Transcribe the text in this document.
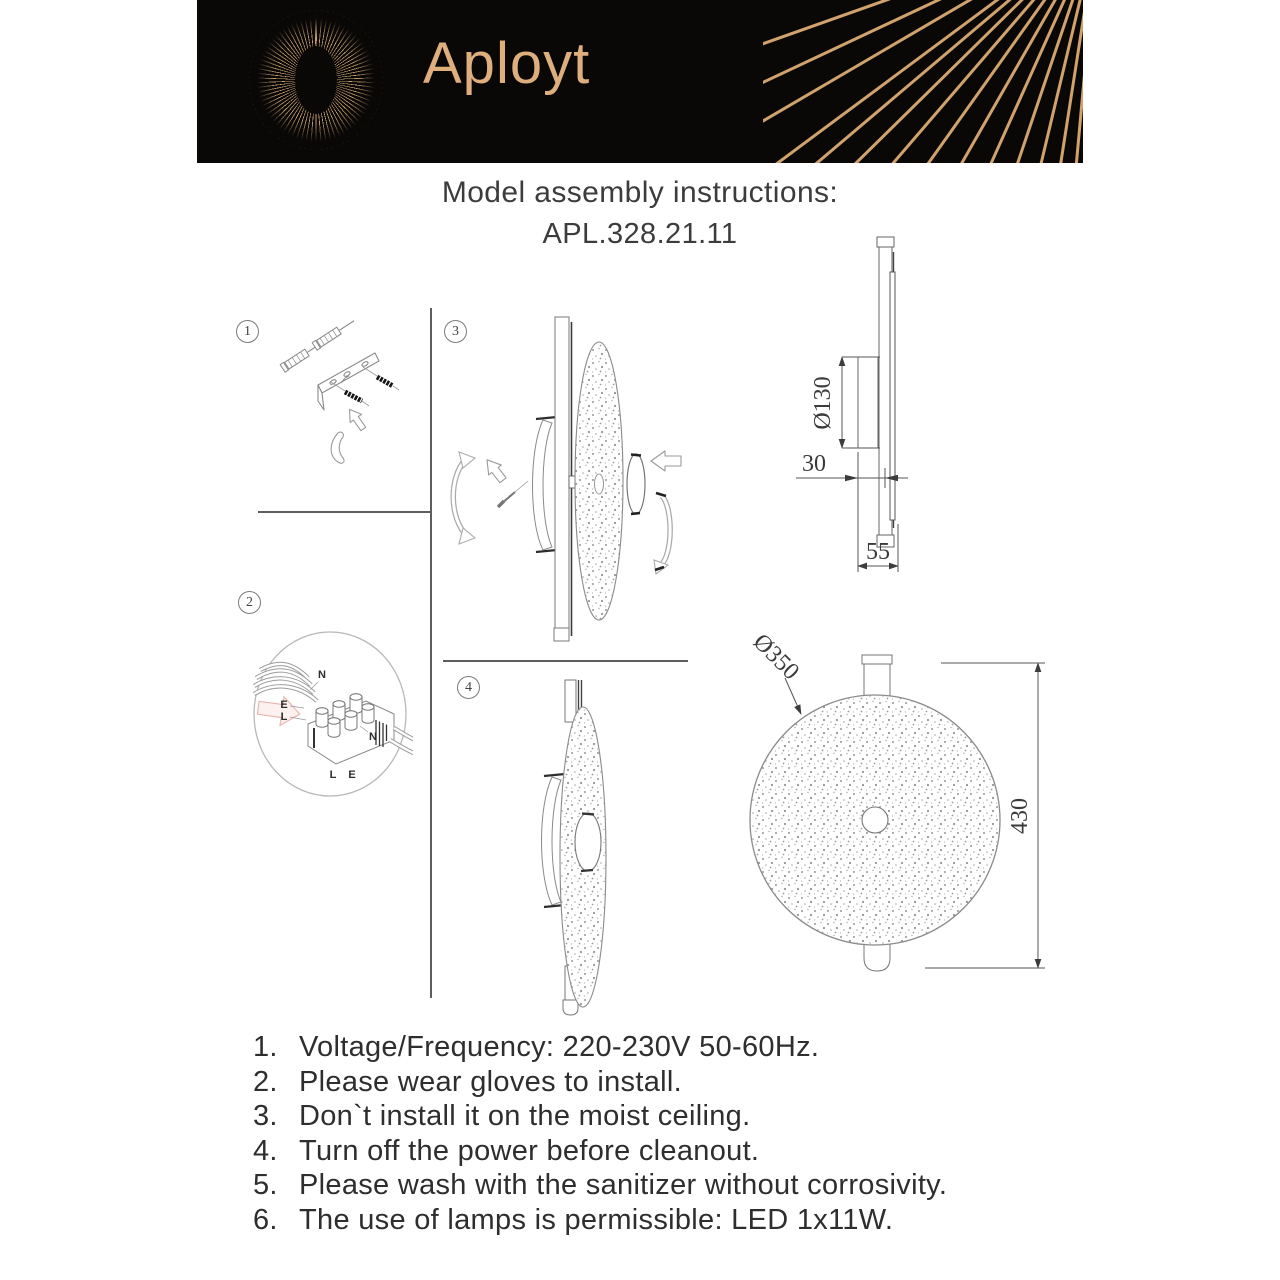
Aployt
Model assembly instructions:
APL.328.21.11
1
2
3
4
N
E
L
L E
N
Ø130
30
55
Ø350
430
1. Voltage/Frequency: 220-230V 50-60Hz.
2. Please wear gloves to install.
3. Don`t install it on the moist ceiling.
4. Turn off the power before cleanout.
5. Please wash with the sanitizer without corrosivity.
6. The use of lamps is permissible: LED 1x11W.
